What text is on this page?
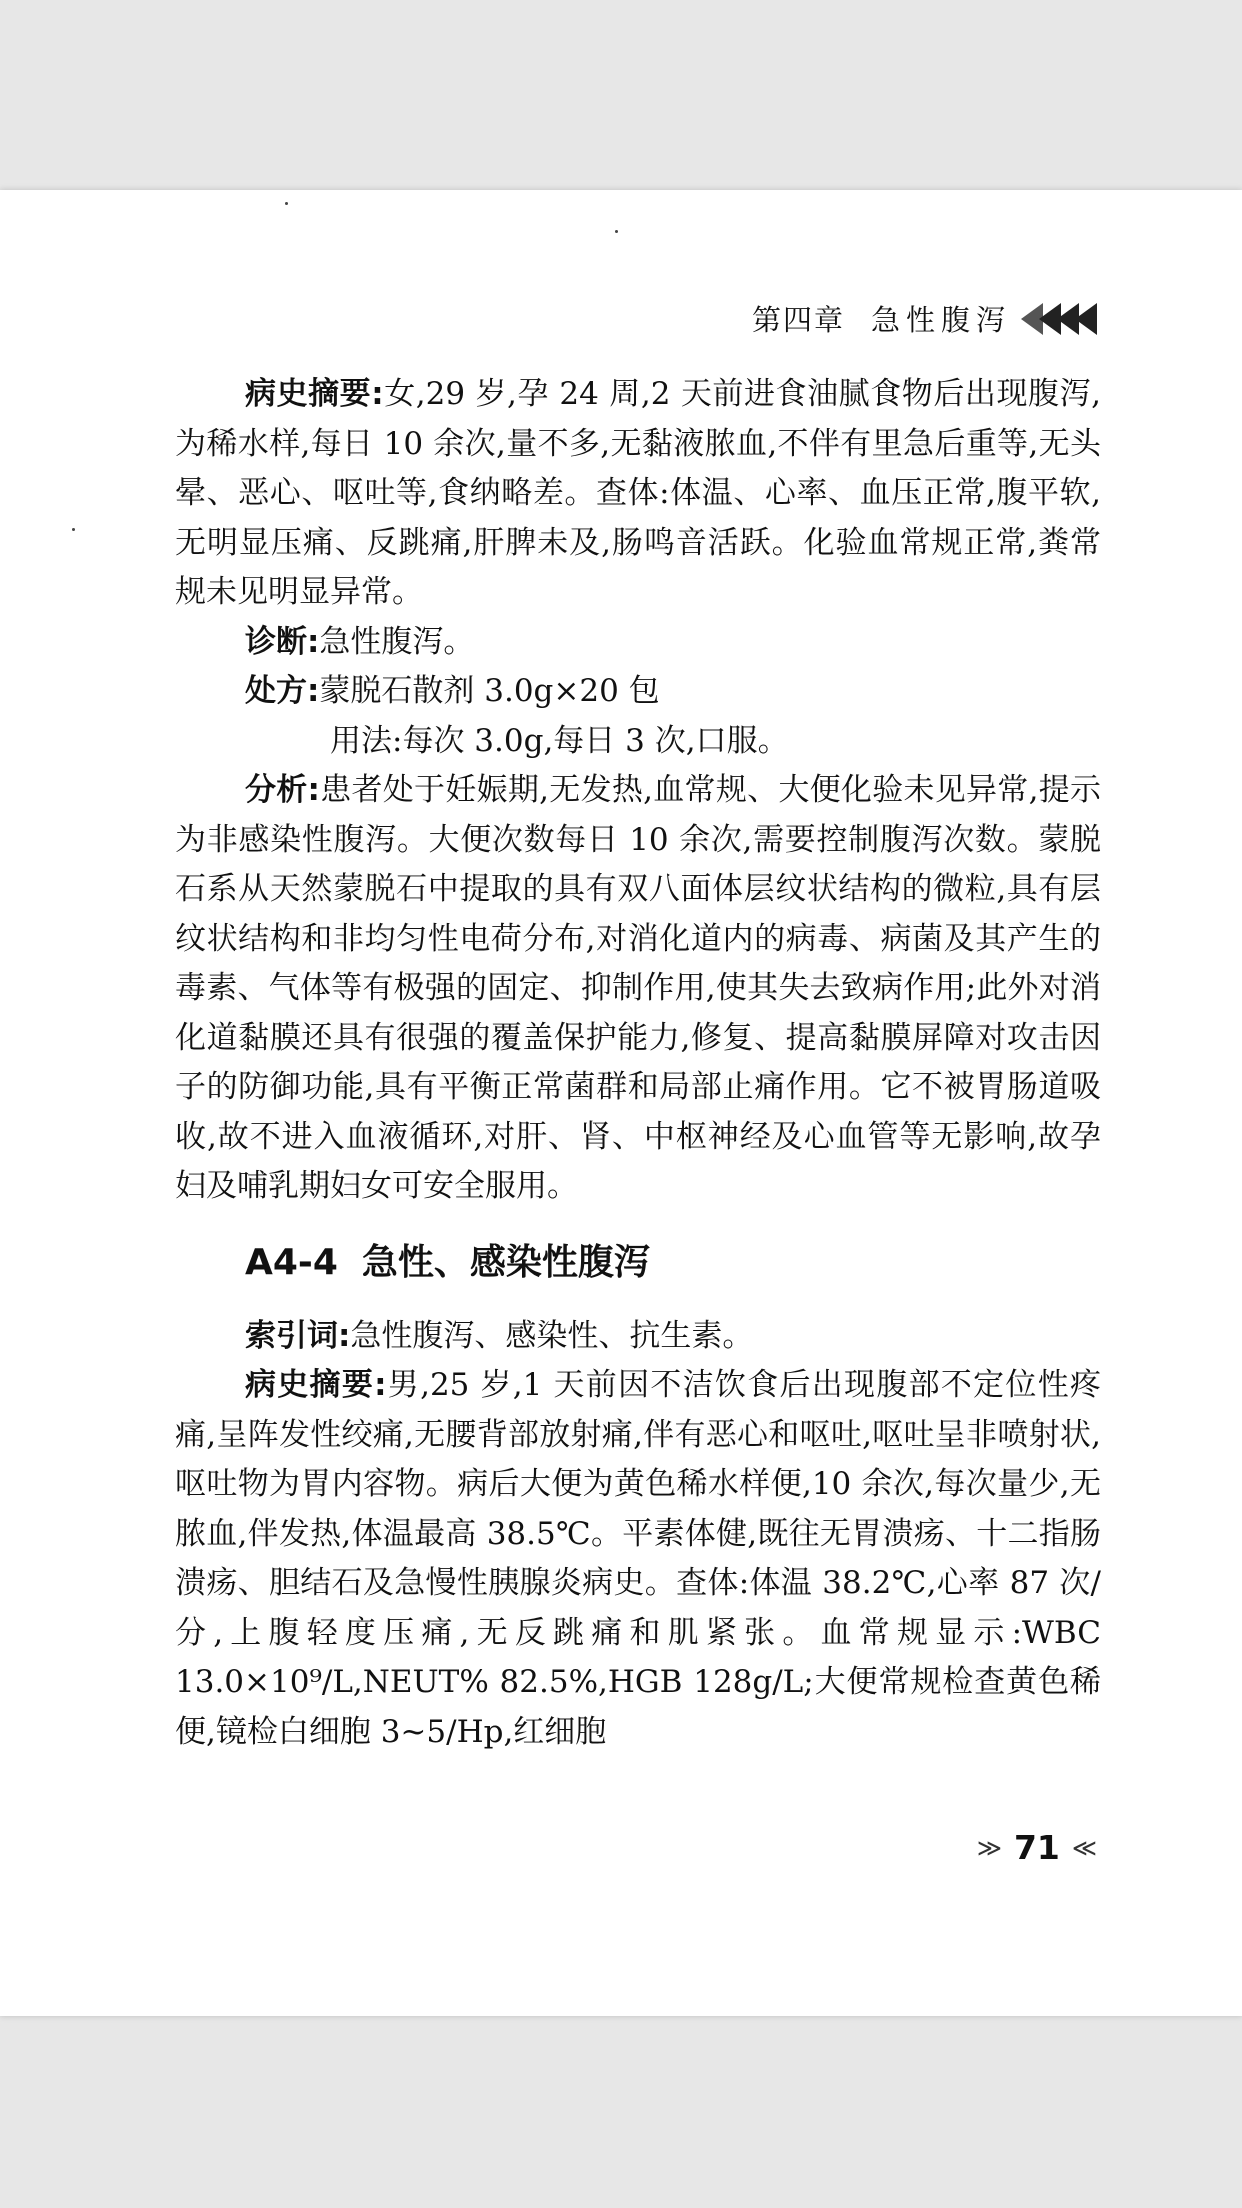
第四章 急性腹泻

病史摘要:女,29 岁,孕 24 周,2 天前进食油腻食物后出现腹泻,为稀水样,每日 10 余次,量不多,无黏液脓血,不伴有里急后重等,无头晕、恶心、呕吐等,食纳略差。查体:体温、心率、血压正常,腹平软,无明显压痛、反跳痛,肝脾未及,肠鸣音活跃。化验血常规正常,粪常规未见明显异常。

诊断:急性腹泻。

处方:蒙脱石散剂 3.0g×20 包

用法:每次 3.0g,每日 3 次,口服。

分析:患者处于妊娠期,无发热,血常规、大便化验未见异常,提示为非感染性腹泻。大便次数每日 10 余次,需要控制腹泻次数。蒙脱石系从天然蒙脱石中提取的具有双八面体层纹状结构的微粒,具有层纹状结构和非均匀性电荷分布,对消化道内的病毒、病菌及其产生的毒素、气体等有极强的固定、抑制作用,使其失去致病作用;此外对消化道黏膜还具有很强的覆盖保护能力,修复、提高黏膜屏障对攻击因子的防御功能,具有平衡正常菌群和局部止痛作用。它不被胃肠道吸收,故不进入血液循环,对肝、肾、中枢神经及心血管等无影响,故孕妇及哺乳期妇女可安全服用。

A4-4 急性、感染性腹泻

索引词:急性腹泻、感染性、抗生素。

病史摘要:男,25 岁,1 天前因不洁饮食后出现腹部不定位性疼痛,呈阵发性绞痛,无腰背部放射痛,伴有恶心和呕吐,呕吐呈非喷射状,呕吐物为胃内容物。病后大便为黄色稀水样便,10 余次,每次量少,无脓血,伴发热,体温最高 38.5℃。平素体健,既往无胃溃疡、十二指肠溃疡、胆结石及急慢性胰腺炎病史。查体:体温 38.2℃,心率 87 次/分,上腹轻度压痛,无反跳痛和肌紧张。血常规显示:WBC 13.0×10⁹/L,NEUT% 82.5%,HGB 128g/L;大便常规检查黄色稀便,镜检白细胞 3~5/Hp,红细胞

≫ 71 ≪
